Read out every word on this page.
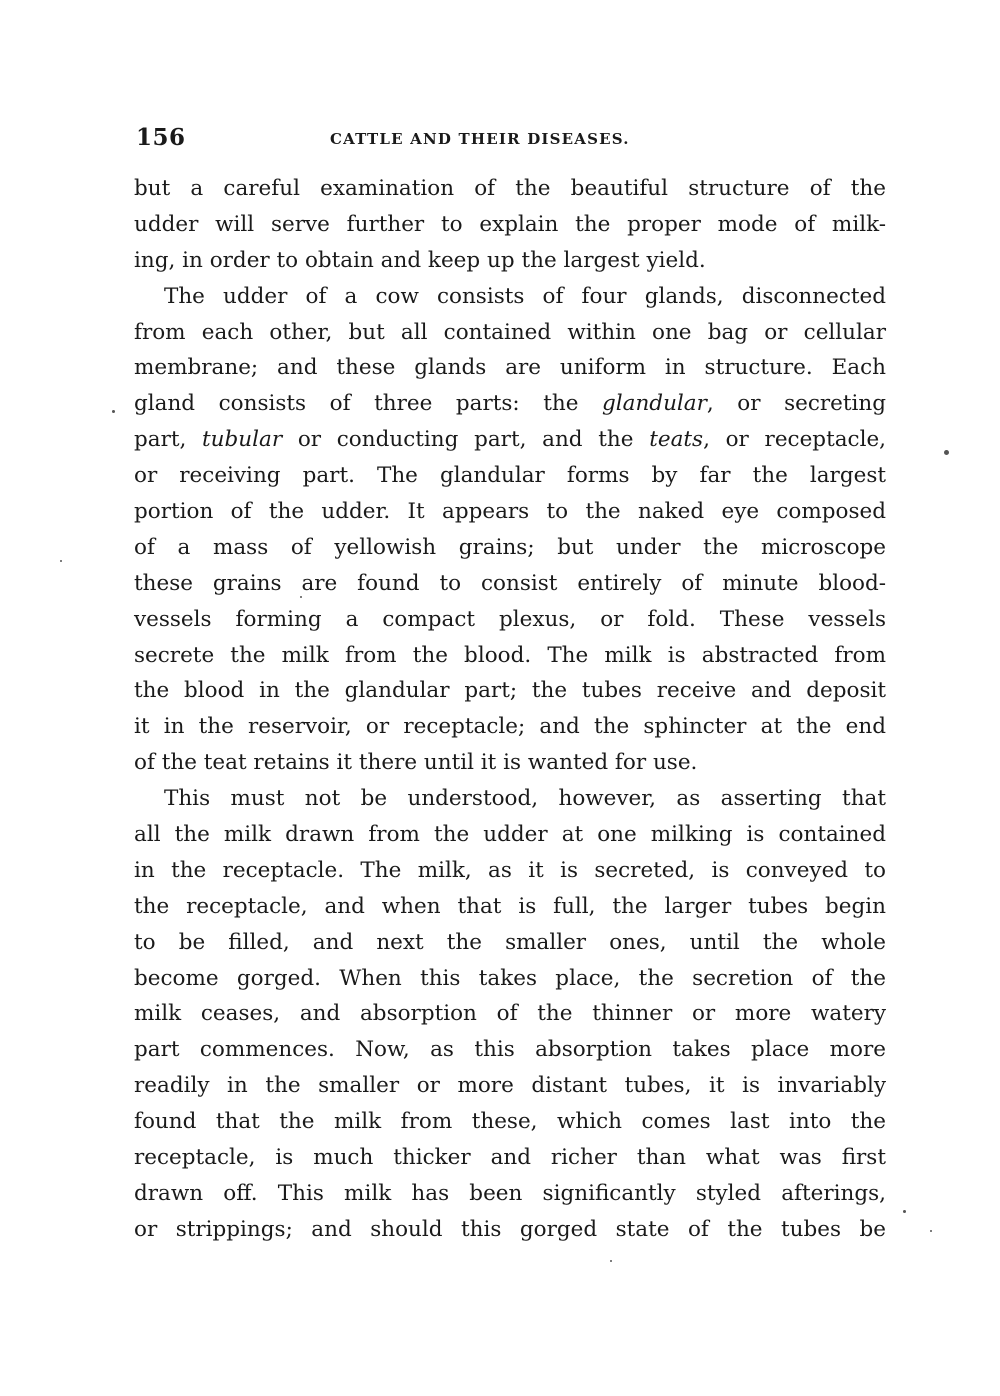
156	CATTLE AND THEIR DISEASES.
but a careful examination of the beautiful structure of the
udder will serve further to explain the proper mode of milk-
ing, in order to obtain and keep up the largest yield.
The udder of a cow consists of four glands, disconnected
from each other, but all contained within one bag or cellular
membrane; and these glands are uniform in structure. Each
gland consists of three parts: the glandular, or secreting
part, tubular or conducting part, and the teats, or receptacle,
or receiving part. The glandular forms by far the largest
portion of the udder. It appears to the naked eye composed
of a mass of yellowish grains; but under the microscope
these grains are found to consist entirely of minute blood-
vessels forming a compact plexus, or fold. These vessels
secrete the milk from the blood. The milk is abstracted from
the blood in the glandular part; the tubes receive and deposit
it in the reservoir, or receptacle; and the sphincter at the end
of the teat retains it there until it is wanted for use.
This must not be understood, however, as asserting that
all the milk drawn from the udder at one milking is contained
in the receptacle. The milk, as it is secreted, is conveyed to
the receptacle, and when that is full, the larger tubes begin
to be filled, and next the smaller ones, until the whole
become gorged. When this takes place, the secretion of the
milk ceases, and absorption of the thinner or more watery
part commences. Now, as this absorption takes place more
readily in the smaller or more distant tubes, it is invariably
found that the milk from these, which comes last into the
receptacle, is much thicker and richer than what was first
drawn off. This milk has been significantly styled afterings,
or strippings; and should this gorged state of the tubes be
